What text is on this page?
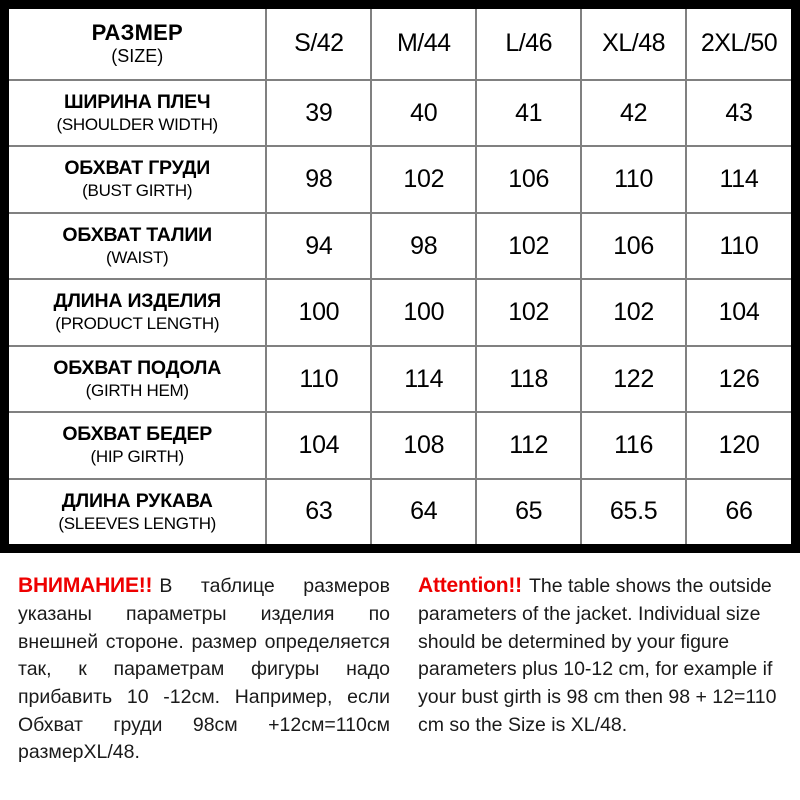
РАЗМЕР
(SIZE)	S/42	M/44	L/46	XL/48	2XL/50

ШИРИНА ПЛЕЧ
(SHOULDER WIDTH)	39	40	41	42	43

ОБХВАТ ГРУДИ
(BUST GIRTH)	98	102	106	110	114

ОБХВАТ ТАЛИИ
(WAIST)	94	98	102	106	110

ДЛИНА ИЗДЕЛИЯ
(PRODUCT LENGTH)	100	100	102	102	104

ОБХВАТ ПОДОЛА
(GIRTH HEM)	110	114	118	122	126

ОБХВАТ БЕДЕР
(HIP GIRTH)	104	108	112	116	120

ДЛИНА РУКАВА
(SLEEVES LENGTH)	63	64	65	65.5	66

ВНИМАНИЕ!! В таблице размеров указаны параметры изделия по внешней стороне. размер определяется так, к параметрам фигуры надо прибавить 10 -12см. Например, если Обхват груди 98см +12см=110см размерXL/48.

Attention!! The table shows the outside parameters of the jacket. Individual size should be determined by your figure parameters plus 10-12 cm, for example if your bust girth is 98 cm then 98 + 12=110 cm so the Size is XL/48.
